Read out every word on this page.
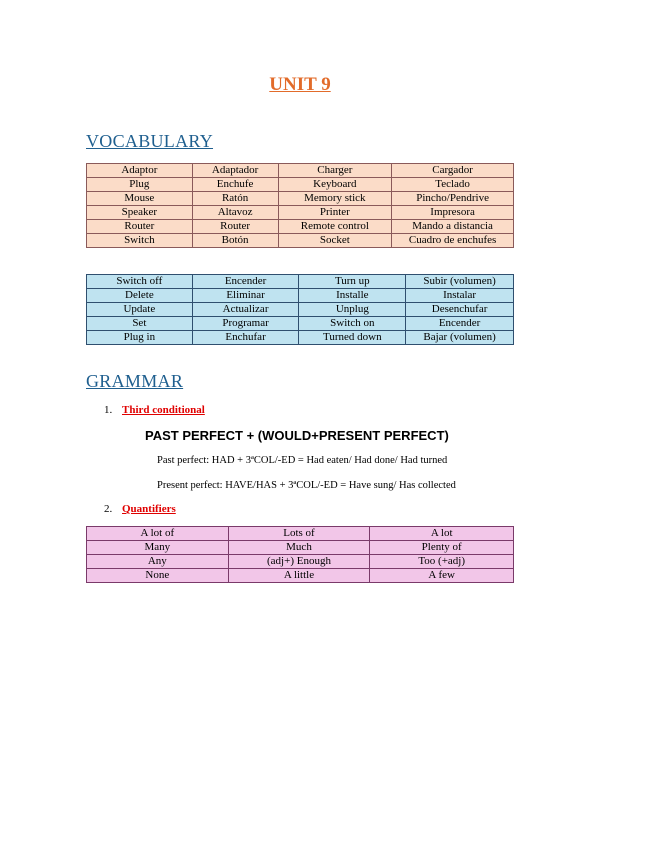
UNIT 9
VOCABULARY
Adaptor	Adaptador	Charger	Cargador
Plug	Enchufe	Keyboard	Teclado
Mouse	Ratón	Memory stick	Pincho/Pendrive
Speaker	Altavoz	Printer	Impresora
Router	Router	Remote control	Mando a distancia
Switch	Botón	Socket	Cuadro de enchufes
Switch off	Encender	Turn up	Subir (volumen)
Delete	Eliminar	Installe	Instalar
Update	Actualizar	Unplug	Desenchufar
Set	Programar	Switch on	Encender
Plug in	Enchufar	Turned down	Bajar (volumen)
GRAMMAR
1. Third conditional
PAST PERFECT + (WOULD+PRESENT PERFECT)
Past perfect: HAD + 3ªCOL/-ED = Had eaten/ Had done/ Had turned
Present perfect: HAVE/HAS + 3ªCOL/-ED = Have sung/ Has collected
2. Quantifiers
A lot of	Lots of	A lot
Many	Much	Plenty of
Any	(adj+) Enough	Too (+adj)
None	A little	A few
